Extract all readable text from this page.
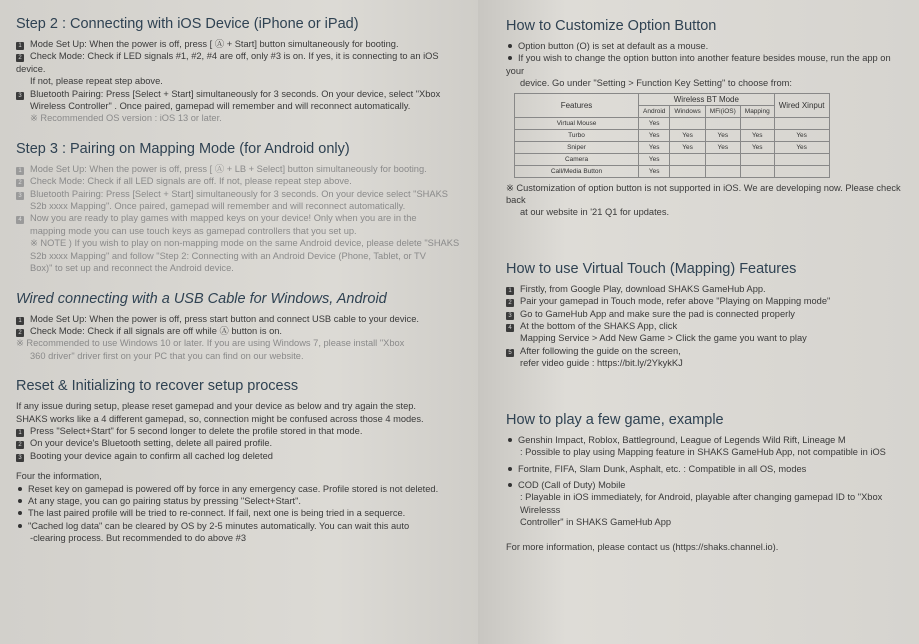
Step 2 : Connecting with iOS Device (iPhone or iPad)

1 Mode Set Up: When the power is off, press [ Ⓐ + Start] button simultaneously for booting.

2 Check Mode: Check if LED signals #1, #2, #4 are off, only #3 is on. If yes, it is connecting to an iOS device.

If not, please repeat step above.

3 Bluetooth Pairing: Press [Select + Start] simultaneously for 3 seconds. On your device, select "Xbox

Wireless Controller" . Once paired, gamepad will remember and will reconnect automatically.

※ Recommended OS version : iOS 13 or later.

Step 3 : Pairing on Mapping Mode (for Android only)

1 Mode Set Up: When the power is off, press [ Ⓐ + LB + Select] button simultaneously for booting.

2 Check Mode: Check if all LED signals are off. If not, please repeat step above.

3 Bluetooth Pairing: Press [Select + Start] simultaneously for 3 seconds. On your device select "SHAKS

S2b xxxx Mapping". Once paired, gamepad will remember and will reconnect automatically.

4 Now you are ready to play games with mapped keys on your device! Only when you are in the

mapping mode you can use touch keys as gamepad controllers that you set up.

※ NOTE ) If you wish to play on non-mapping mode on the same Android device, please delete "SHAKS

S2b xxxx Mapping" and follow "Step 2: Connecting with an Android Device (Phone, Tablet, or TV

Box)" to set up and reconnect the Android device.

Wired connecting with a USB Cable for Windows, Android

1 Mode Set Up: When the power is off, press start button and connect USB cable to your device.

2 Check Mode: Check if all signals are off while Ⓐ button is on.

※ Recommended to use Windows 10 or later. If you are using Windows 7, please install "Xbox

360 driver" driver first on your PC that you can find on our website.

Reset & Initializing to recover setup process

If any issue during setup, please reset gamepad and your device as below and try again the step.

SHAKS works like a 4 different gamepad, so, connection might be confused across those 4 modes.

1 Press "Select+Start" for 5 second longer to delete the profile stored in that mode.

2 On your device's Bluetooth setting, delete all paired profile.

3 Booting your device again to confirm all cached log deleted

Four the information,

Reset key on gamepad is powered off by force in any emergency case. Profile stored is not deleted.

At any stage, you can go pairing status by pressing "Select+Start".

The last paired profile will be tried to re-connect. If fail, next one is being tried in a sequerce.

"Cached log data" can be cleared by OS by 2-5 minutes automatically. You can wait this auto

-clearing process. But recommended to do above #3

How to Customize Option Button

Option button (O) is set at default as a mouse.

If you wish to change the option button into another feature besides mouse, run the app on your

device. Go under "Setting > Function Key Setting" to choose from:

Features	Wireless BT Mode				Wired Xinput
	Android	Windows	MFi(iOS)	Mapping	
Virtual Mouse	Yes				
Turbo	Yes	Yes	Yes	Yes	Yes
Sniper	Yes	Yes	Yes	Yes	Yes
Camera	Yes				
Call/Media Button	Yes				

※ Customization of option button is not supported in iOS. We are developing now. Please check back

at our website in '21 Q1 for updates.

How to use Virtual Touch (Mapping) Features

1 Firstly, from Google Play, download SHAKS GameHub App.

2 Pair your gamepad in Touch mode, refer above "Playing on Mapping mode"

3 Go to GameHub App and make sure the pad is connected properly

4 At the bottom of the SHAKS App, click

Mapping Service > Add New Game > Click the game you want to play

5 After following the guide on the screen,

refer video guide : https://bit.ly/2YkykKJ

How to play a few game, example

Genshin Impact, Roblox, Battleground, League of Legends Wild Rift, Lineage M

: Possible to play using Mapping feature in SHAKS GameHub App, not compatible in iOS

Fortnite, FIFA, Slam Dunk, Asphalt, etc. : Compatible in all OS, modes

COD (Call of Duty) Mobile

: Playable in iOS immediately, for Android, playable after changing gamepad ID to "Xbox Wirelesss

Controller" in SHAKS GameHub App

For more information, please contact us (https://shaks.channel.io).
